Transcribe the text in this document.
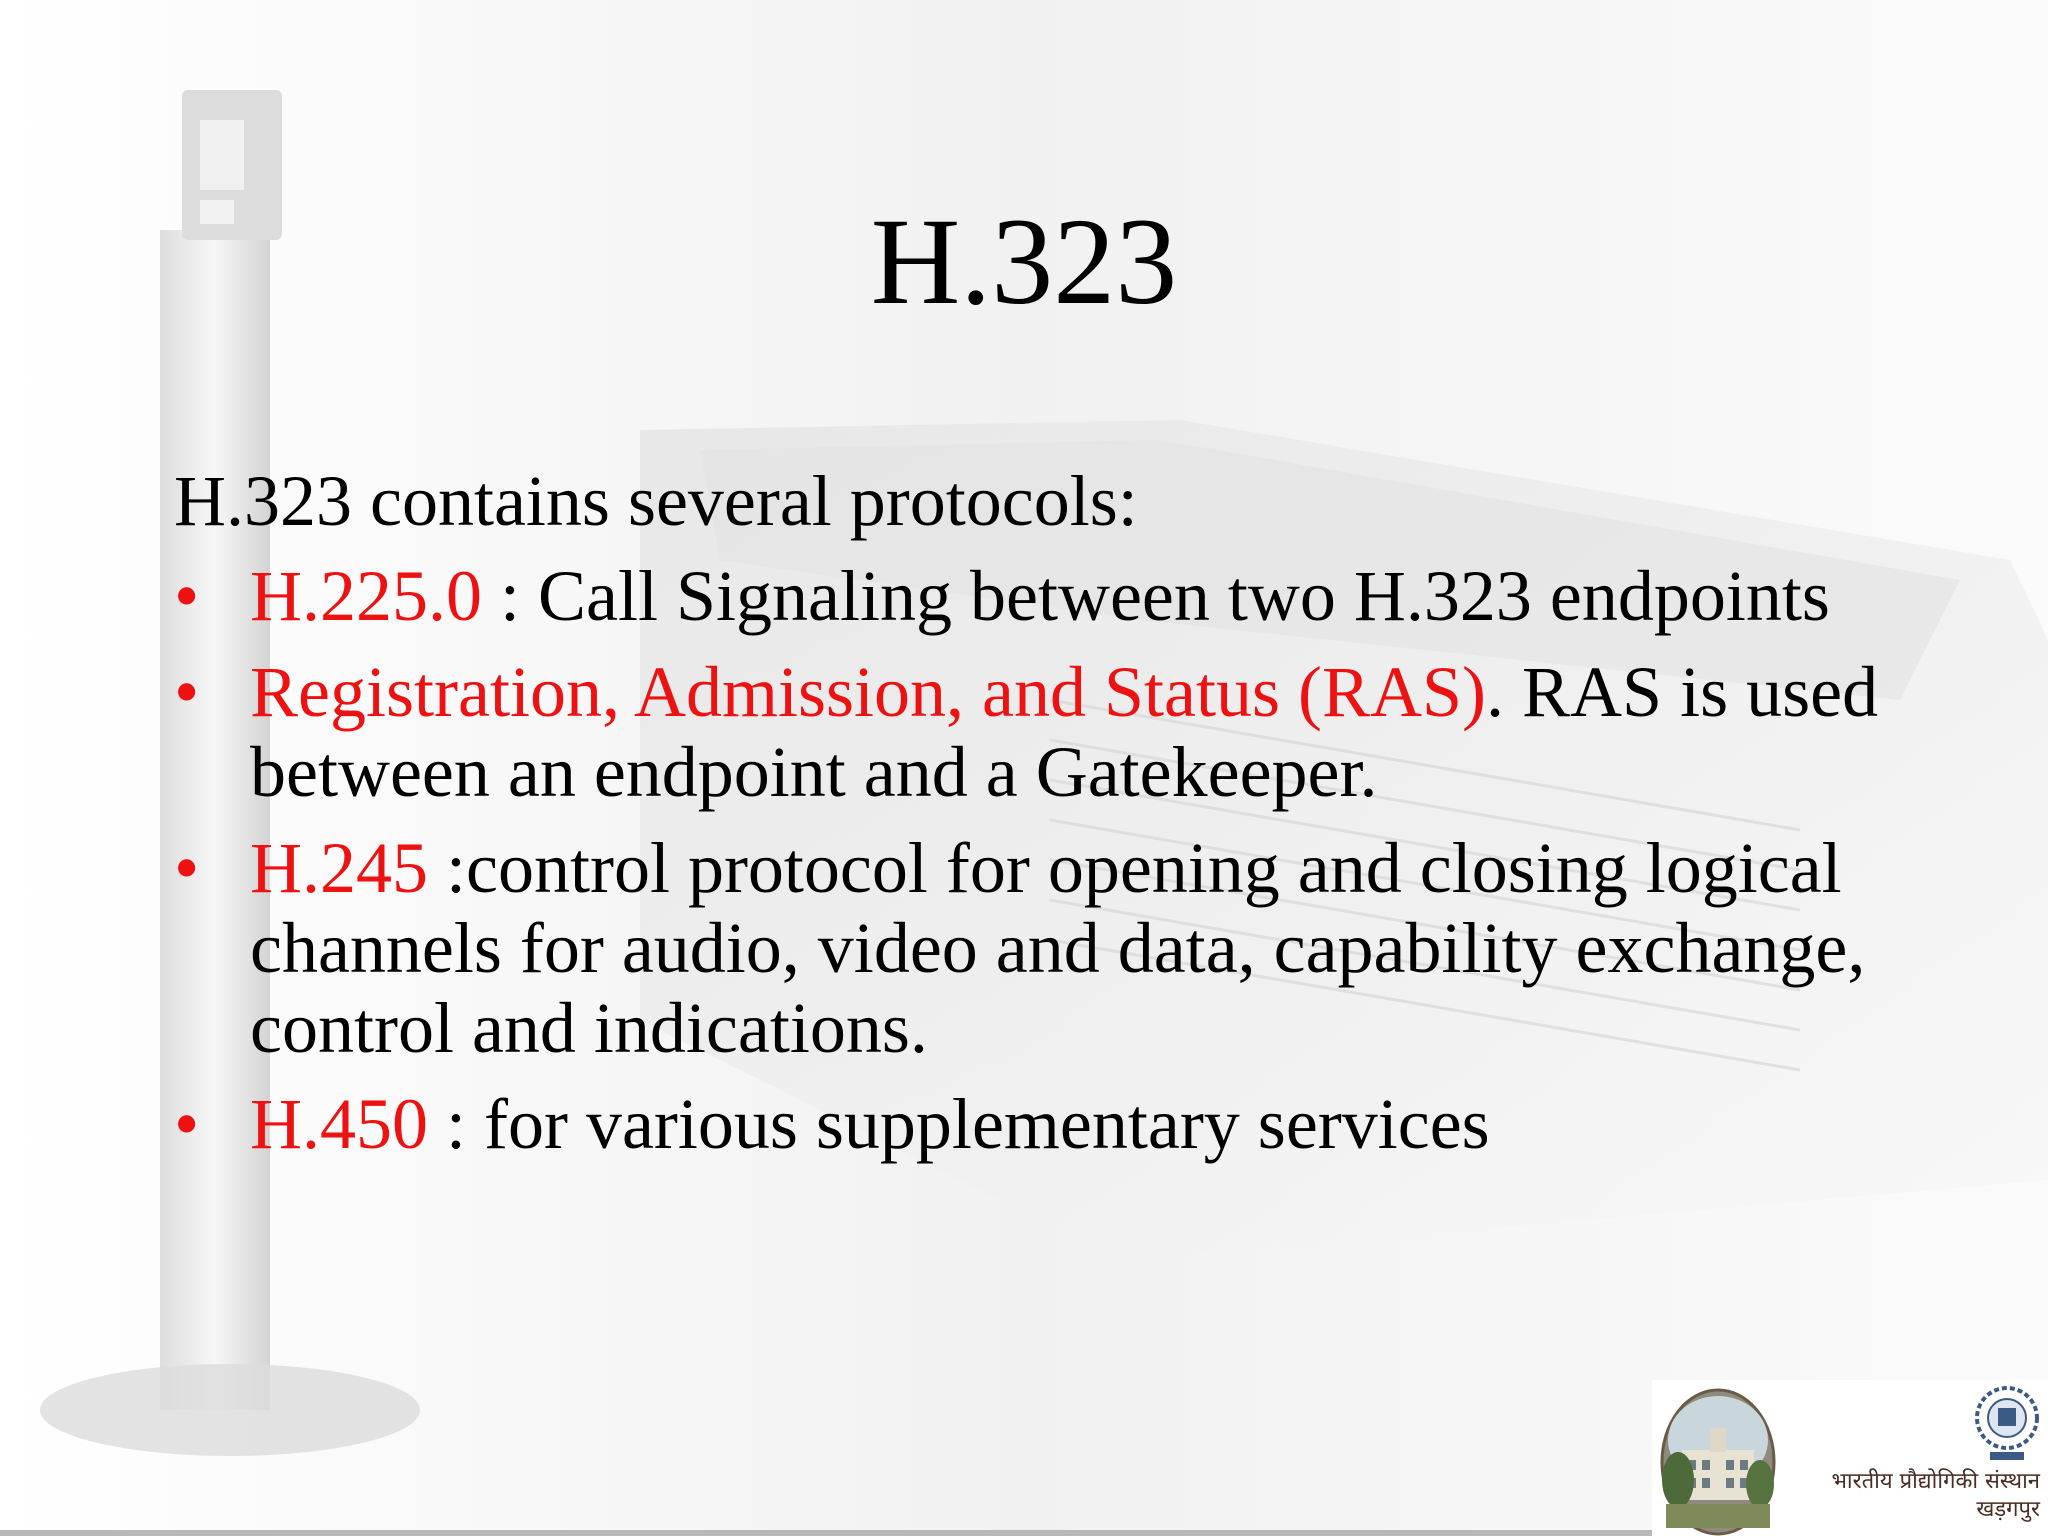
H.323
H.323 contains several protocols:
• H.225.0 : Call Signaling between two H.323 endpoints
• Registration, Admission, and Status (RAS). RAS is used between an endpoint and a Gatekeeper.
• H.245 :control protocol for opening and closing logical channels for audio, video and data, capability exchange, control and indications.
• H.450 : for various supplementary services
भारतीय प्रौद्योगिकी संस्थान
खड़गपुर
